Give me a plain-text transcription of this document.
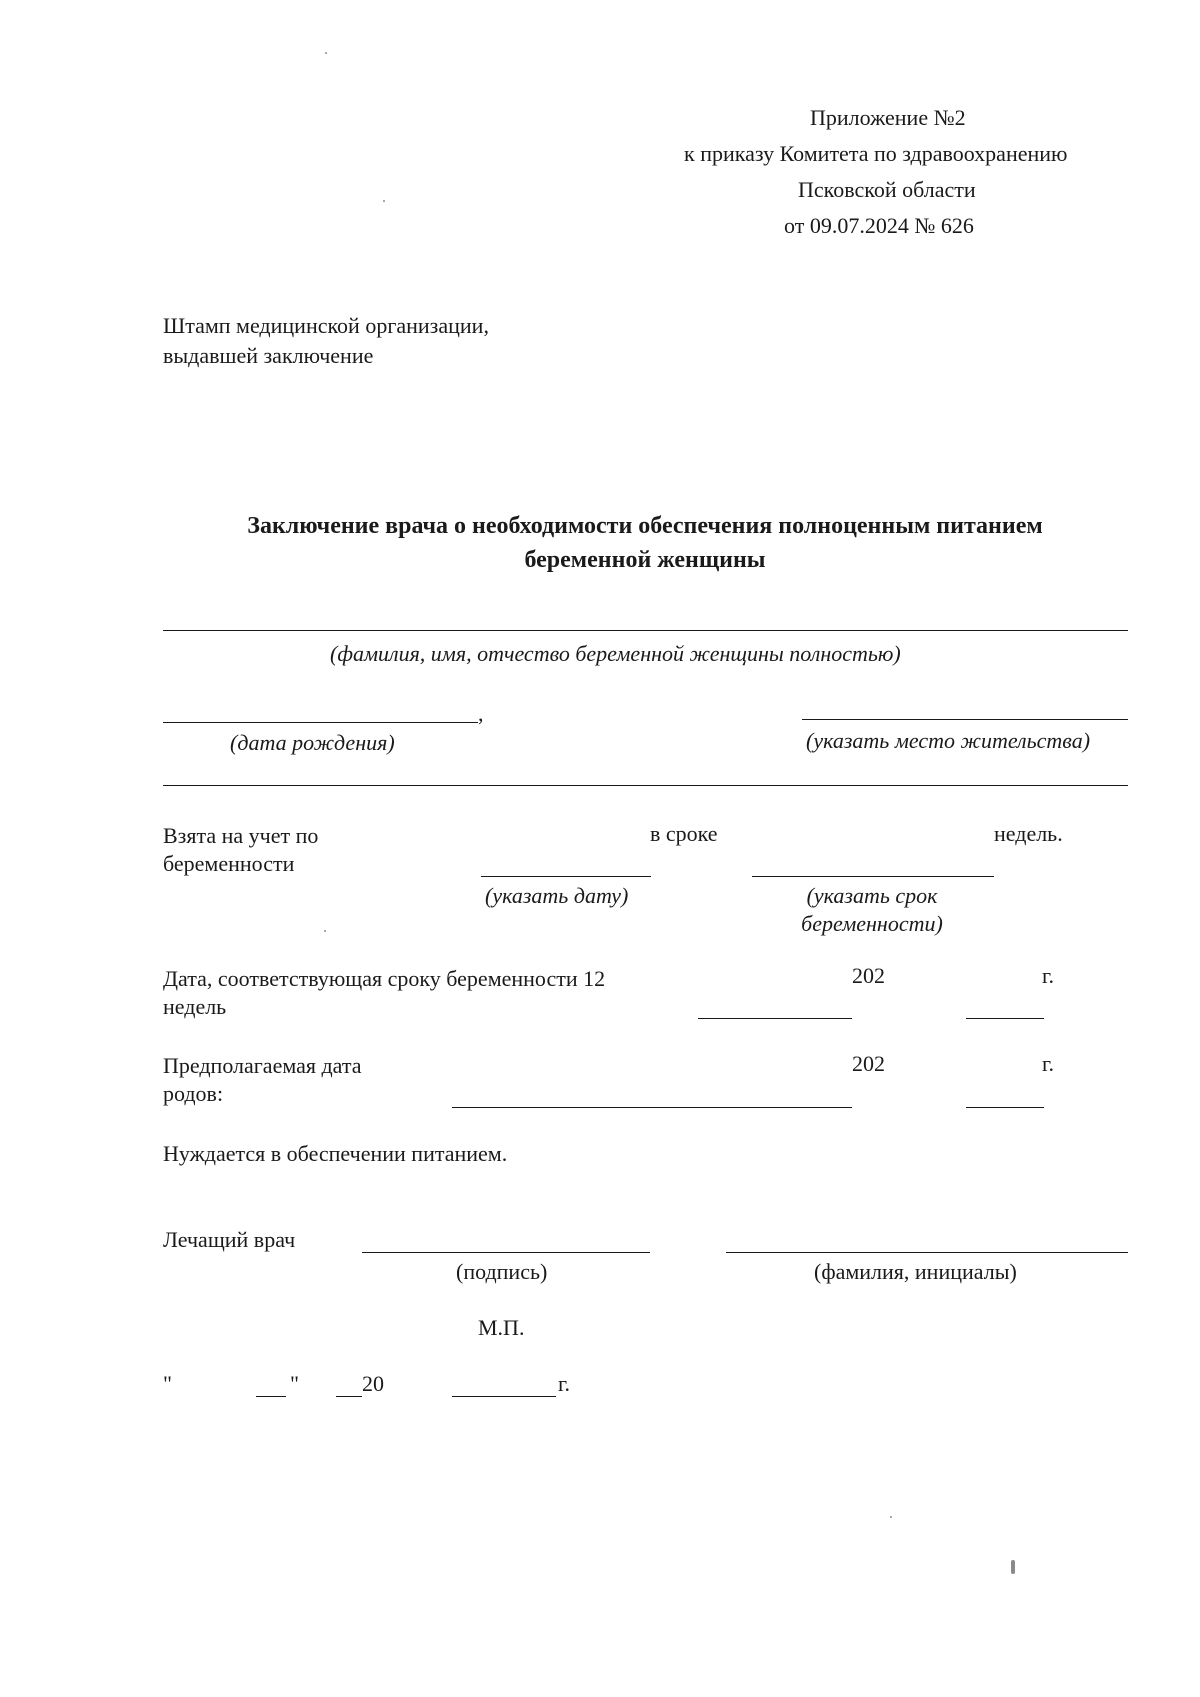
Приложение №2
к приказу Комитета по здравоохранению
Псковской области
от 09.07.2024 № 626
Штамп медицинской организации,
выдавшей заключение
Заключение врача о необходимости обеспечения полноценным питанием
беременной женщины
(фамилия, имя, отчество беременной женщины полностью)
,
(дата рождения)	(указать место жительства)
Взята на учет по
беременности
в сроке	недель.
(указать дату)	(указать срок
беременности)
Дата, соответствующая сроку беременности 12
недель
202	г.
Предполагаемая дата
родов:
202	г.
Нуждается в обеспечении питанием.
Лечащий врач
(подпись)	(фамилия, инициалы)
М.П.
"	"	20	г.
